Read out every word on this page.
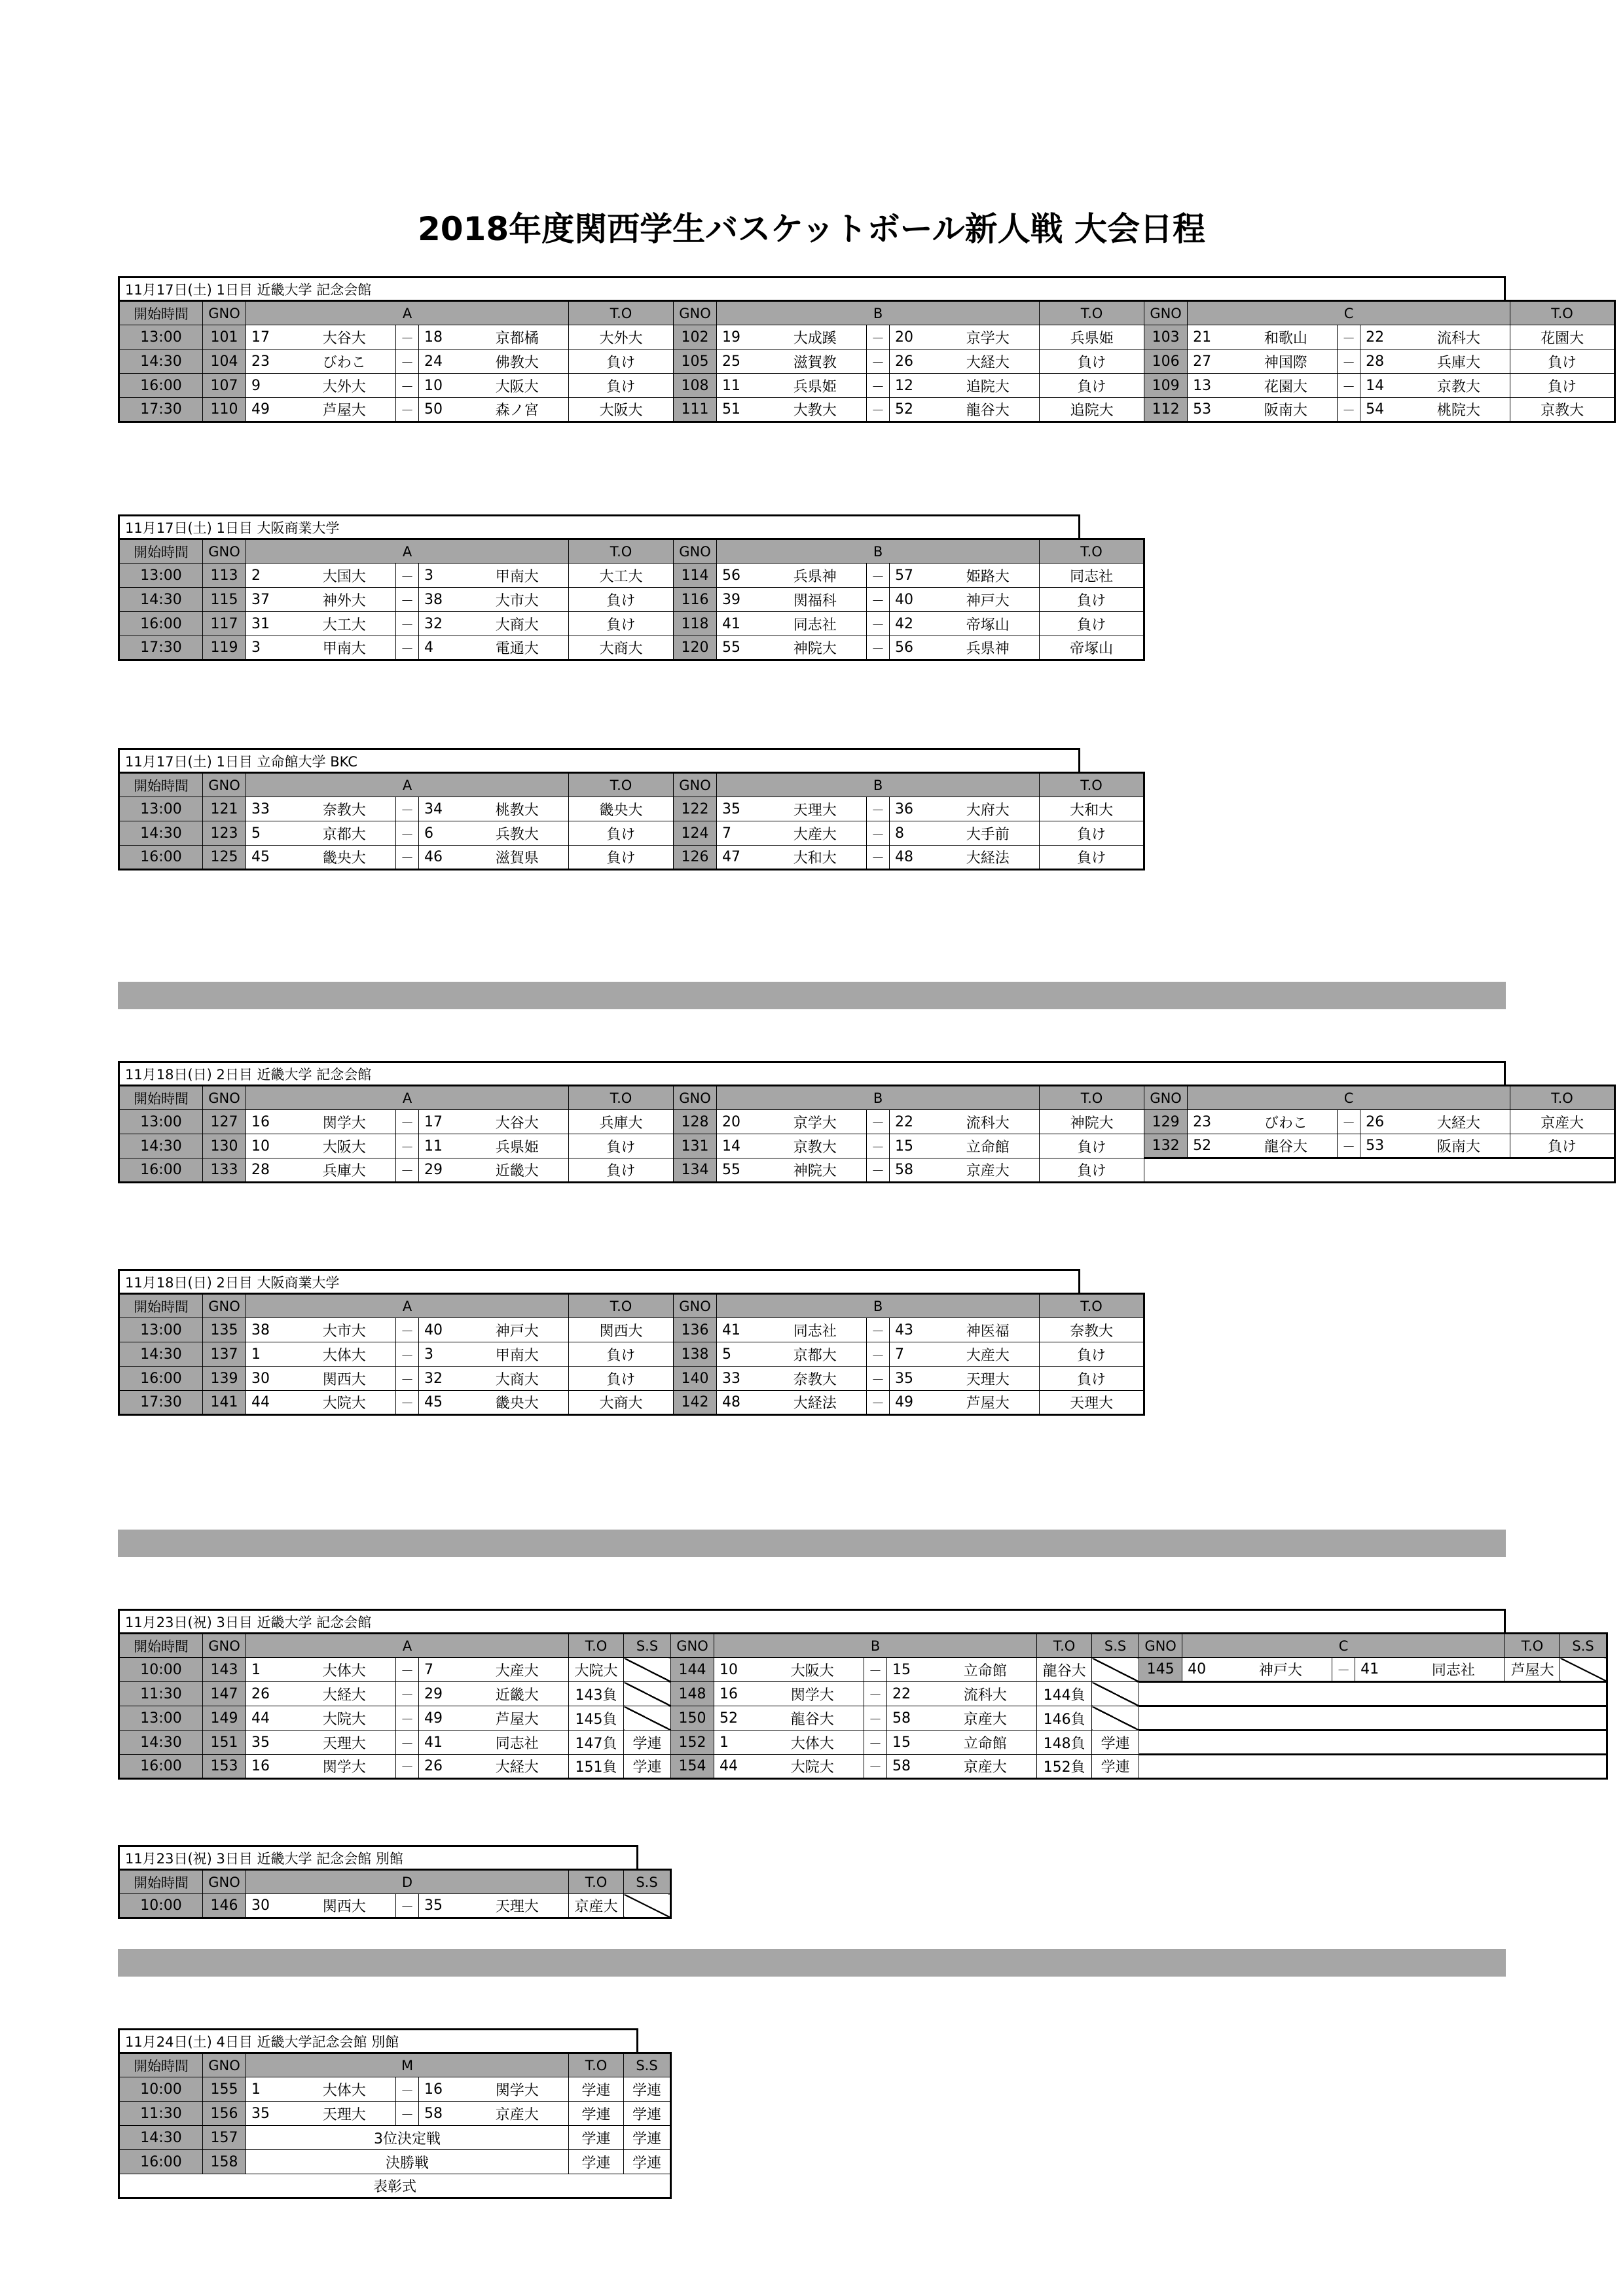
2018年度関西学生バスケットボール新人戦 大会日程
11月17日(土) 1日目 近畿大学 記念会館
開始時間	GNO	A					T.O	GNO	B					T.O	GNO	C					T.O
13:00	101	17	大谷大	－	18	京都橘	大外大	102	19	大成蹊	－	20	京学大	兵県姫	103	21	和歌山	－	22	流科大	花園大
14:30	104	23	びわこ	－	24	佛教大	負け	105	25	滋賀教	－	26	大経大	負け	106	27	神国際	－	28	兵庫大	負け
16:00	107	9	大外大	－	10	大阪大	負け	108	11	兵県姫	－	12	追院大	負け	109	13	花園大	－	14	京教大	負け
17:30	110	49	芦屋大	－	50	森ノ宮	大阪大	111	51	大教大	－	52	龍谷大	追院大	112	53	阪南大	－	54	桃院大	京教大
11月17日(土) 1日目 大阪商業大学
開始時間	GNO	A					T.O	GNO	B					T.O
13:00	113	2	大国大	－	3	甲南大	大工大	114	56	兵県神	－	57	姫路大	同志社
14:30	115	37	神外大	－	38	大市大	負け	116	39	関福科	－	40	神戸大	負け
16:00	117	31	大工大	－	32	大商大	負け	118	41	同志社	－	42	帝塚山	負け
17:30	119	3	甲南大	－	4	電通大	大商大	120	55	神院大	－	56	兵県神	帝塚山
11月17日(土) 1日目 立命館大学 BKC
開始時間	GNO	A					T.O	GNO	B					T.O
13:00	121	33	奈教大	－	34	桃教大	畿央大	122	35	天理大	－	36	大府大	大和大
14:30	123	5	京都大	－	6	兵教大	負け	124	7	大産大	－	8	大手前	負け
16:00	125	45	畿央大	－	46	滋賀県	負け	126	47	大和大	－	48	大経法	負け
11月18日(日) 2日目 近畿大学 記念会館
開始時間	GNO	A					T.O	GNO	B					T.O	GNO	C					T.O
13:00	127	16	関学大	－	17	大谷大	兵庫大	128	20	京学大	－	22	流科大	神院大	129	23	びわこ	－	26	大経大	京産大
14:30	130	10	大阪大	－	11	兵県姫	負け	131	14	京教大	－	15	立命館	負け	132	52	龍谷大	－	53	阪南大	負け
16:00	133	28	兵庫大	－	29	近畿大	負け	134	55	神院大	－	58	京産大	負け							
11月18日(日) 2日目 大阪商業大学
開始時間	GNO	A					T.O	GNO	B					T.O
13:00	135	38	大市大	－	40	神戸大	関西大	136	41	同志社	－	43	神医福	奈教大
14:30	137	1	大体大	－	3	甲南大	負け	138	5	京都大	－	7	大産大	負け
16:00	139	30	関西大	－	32	大商大	負け	140	33	奈教大	－	35	天理大	負け
17:30	141	44	大院大	－	45	畿央大	大商大	142	48	大経法	－	49	芦屋大	天理大
11月23日(祝) 3日目 近畿大学 記念会館
開始時間	GNO	A					T.O	S.S	GNO	B					T.O	S.S	GNO	C					T.O	S.S
10:00	143	1	大体大	－	7	大産大	大院大		144	10	大阪大	－	15	立命館	龍谷大		145	40	神戸大	－	41	同志社	芦屋大	
11:30	147	26	大経大	－	29	近畿大	143負		148	16	関学大	－	22	流科大	144負									
13:00	149	44	大院大	－	49	芦屋大	145負		150	52	龍谷大	－	58	京産大	146負									
14:30	151	35	天理大	－	41	同志社	147負	学連	152	1	大体大	－	15	立命館	148負	学連								
16:00	153	16	関学大	－	26	大経大	151負	学連	154	44	大院大	－	58	京産大	152負	学連								
11月23日(祝) 3日目 近畿大学 記念会館 別館
開始時間	GNO	D					T.O	S.S
10:00	146	30	関西大	－	35	天理大	京産大	
11月24日(土) 4日目 近畿大学記念会館 別館
開始時間	GNO	M					T.O	S.S
10:00	155	1	大体大	－	16	関学大	学連	学連
11:30	156	35	天理大	－	58	京産大	学連	学連
14:30	157	3位決定戦					学連	学連
16:00	158	決勝戦					学連	学連
表彰式								
